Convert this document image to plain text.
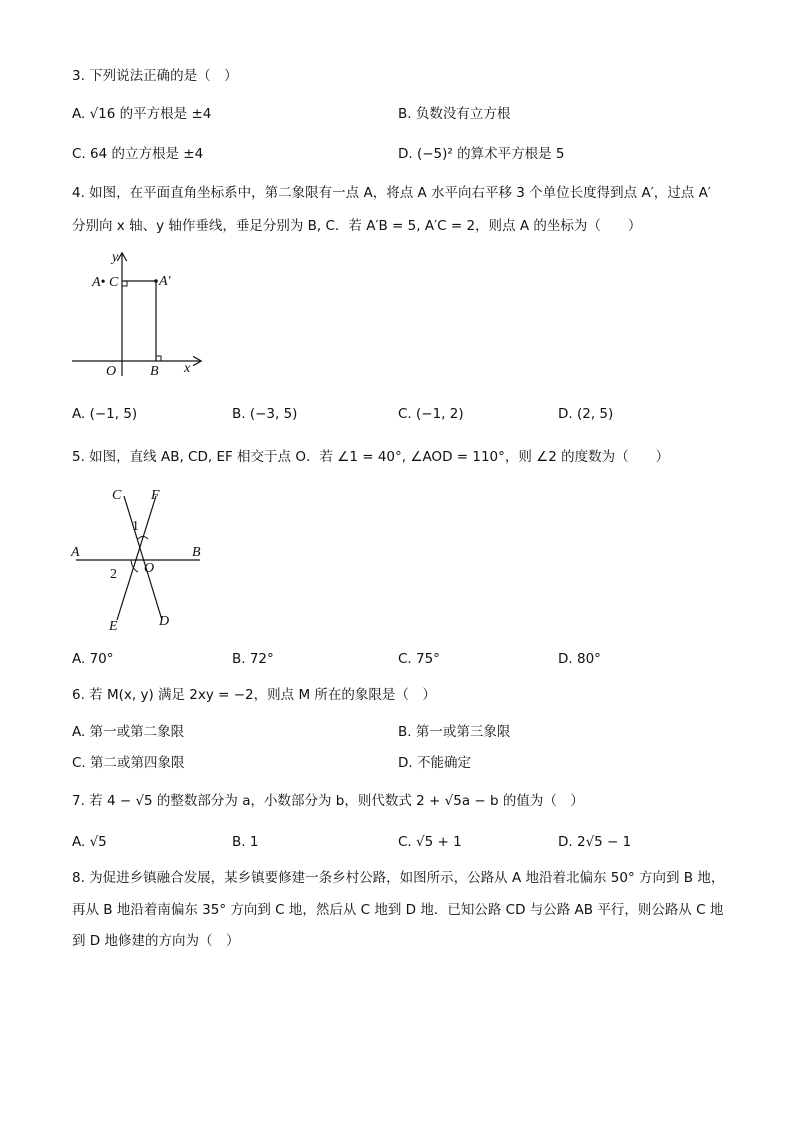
3. 下列说法正确的是（　）
A. √16 的平方根是 ±4	B. 负数没有立方根
C. 64 的立方根是 ±4	D. (−5)² 的算术平方根是 5
4. 如图，在平面直角坐标系中，第二象限有一点 A，将点 A 水平向右平移 3 个单位长度得到点 A′，过点 A′
分别向 x 轴、y 轴作垂线，垂足分别为 B, C．若 A′B = 5, A′C = 2，则点 A 的坐标为（　　）
y
A• C	A′
O B x
A. (−1, 5)	B. (−3, 5)	C. (−1, 2)	D. (2, 5)
5. 如图，直线 AB, CD, EF 相交于点 O．若 ∠1 = 40°, ∠AOD = 110°，则 ∠2 的度数为（　　）
C F
1
A	B
2 O
E	D
A. 70°	B. 72°	C. 75°	D. 80°
6. 若 M(x, y) 满足 2xy = −2，则点 M 所在的象限是（　）
A. 第一或第二象限	B. 第一或第三象限
C. 第二或第四象限	D. 不能确定
7. 若 4 − √5 的整数部分为 a，小数部分为 b，则代数式 2 + √5a − b 的值为（　）
A. √5	B. 1	C. √5 + 1	D. 2√5 − 1
8. 为促进乡镇融合发展，某乡镇要修建一条乡村公路，如图所示，公路从 A 地沿着北偏东 50° 方向到 B 地，
再从 B 地沿着南偏东 35° 方向到 C 地，然后从 C 地到 D 地．已知公路 CD 与公路 AB 平行，则公路从 C 地
到 D 地修建的方向为（　）
